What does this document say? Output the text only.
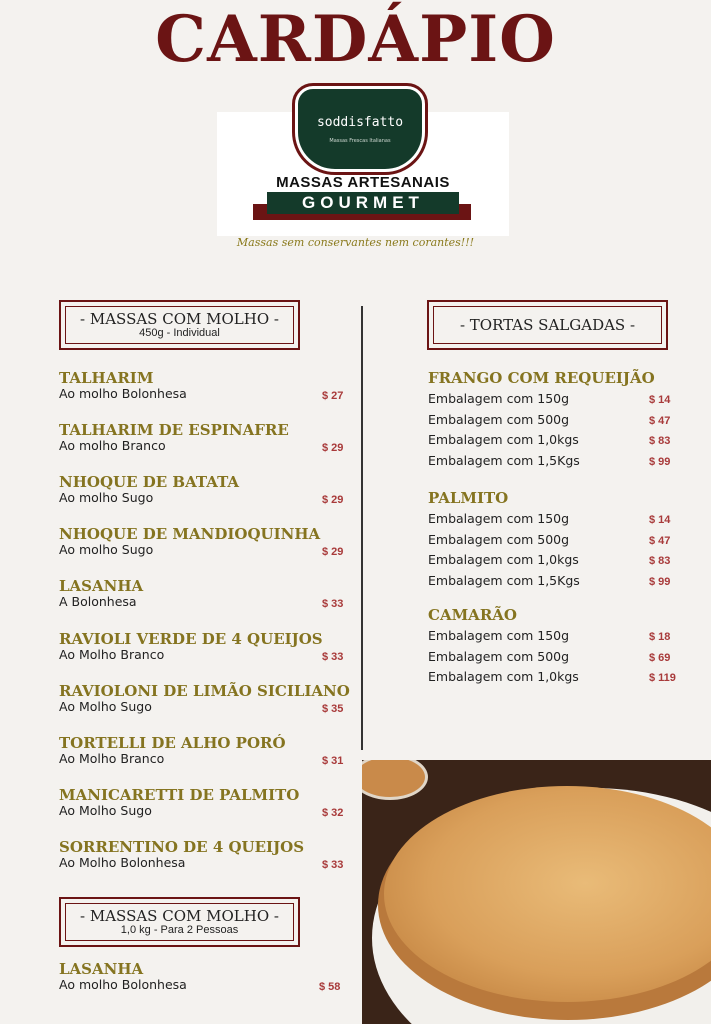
CARDÁPIO
soddisfatto
Massas Frescas Italianas
MASSAS ARTESANAIS
GOURMET
Massas sem conservantes nem corantes!!!
- MASSAS COM MOLHO -
450g - Individual
TALHARIM
Ao molho Bolonhesa	$ 27
TALHARIM DE ESPINAFRE
Ao molho Branco	$ 29
NHOQUE DE BATATA
Ao molho Sugo	$ 29
NHOQUE DE MANDIOQUINHA
Ao molho Sugo	$ 29
LASANHA
A Bolonhesa	$ 33
RAVIOLI VERDE DE 4 QUEIJOS
Ao Molho Branco	$ 33
RAVIOLONI DE LIMÃO SICILIANO
Ao Molho Sugo	$ 35
TORTELLI DE ALHO PORÓ
Ao Molho Branco	$ 31
MANICARETTI DE PALMITO
Ao Molho Sugo	$ 32
SORRENTINO DE 4 QUEIJOS
Ao Molho Bolonhesa	$ 33
- MASSAS COM MOLHO -
1,0 kg - Para 2 Pessoas
LASANHA
Ao molho Bolonhesa	$ 58
- TORTAS SALGADAS -
FRANGO COM REQUEIJÃO
Embalagem com 150g	$ 14
Embalagem com 500g	$ 47
Embalagem com 1,0kgs	$ 83
Embalagem com 1,5Kgs	$ 99
PALMITO
Embalagem com 150g	$ 14
Embalagem com 500g	$ 47
Embalagem com 1,0kgs	$ 83
Embalagem com 1,5Kgs	$ 99
CAMARÃO
Embalagem com 150g	$ 18
Embalagem com 500g	$ 69
Embalagem com 1,0kgs	$ 119
